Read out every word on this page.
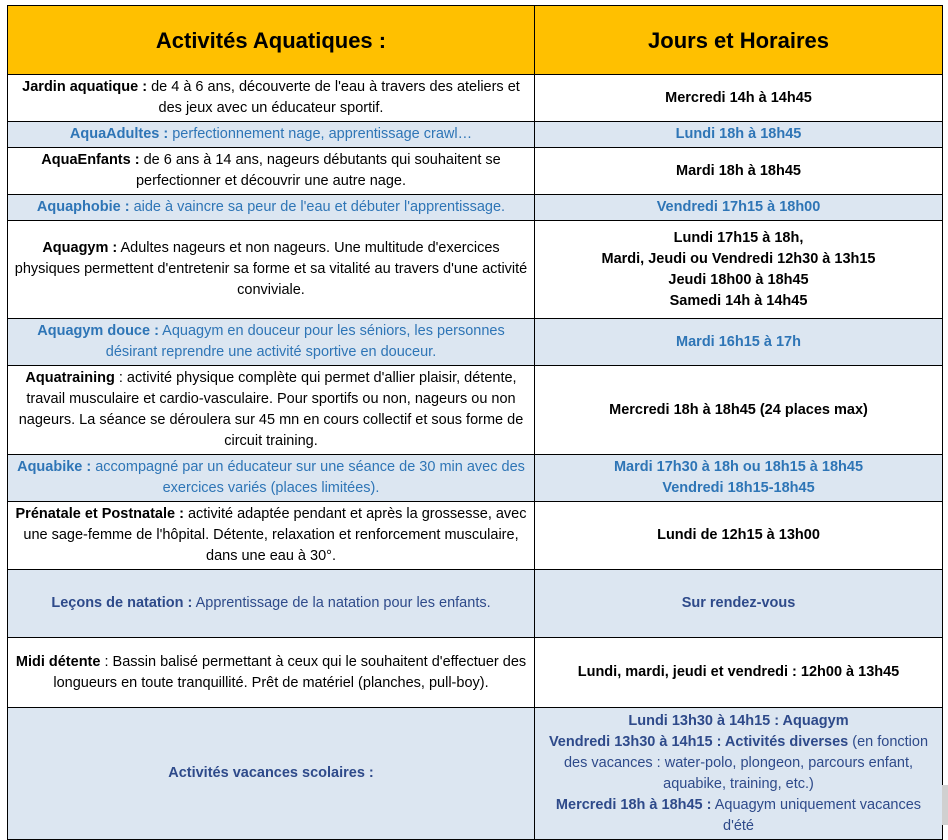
Activités Aquatiques :	Jours et Horaires
Jardin aquatique : de 4 à 6 ans, découverte de l'eau à travers des ateliers et des jeux avec un éducateur sportif.	Mercredi 14h à 14h45

AquaAdultes : perfectionnement nage, apprentissage crawl…	Lundi 18h à 18h45

AquaEnfants : de 6 ans à 14 ans, nageurs débutants qui souhaitent se perfectionner et découvrir une autre nage.	Mardi 18h à 18h45

Aquaphobie : aide à vaincre sa peur de l'eau et débuter l'apprentissage.	Vendredi 17h15 à 18h00

Aquagym : Adultes nageurs et non nageurs. Une multitude d'exercices physiques permettent d'entretenir sa forme et sa vitalité au travers d'une activité conviviale.	Lundi 17h15 à 18h,
Mardi, Jeudi ou Vendredi 12h30 à 13h15
Jeudi 18h00 à 18h45
Samedi 14h à 14h45

Aquagym douce : Aquagym en douceur pour les séniors, les personnes désirant reprendre une activité sportive en douceur.	Mardi 16h15 à 17h

Aquatraining : activité physique complète qui permet d'allier plaisir, détente, travail musculaire et cardio-vasculaire. Pour sportifs ou non, nageurs ou non nageurs. La séance se déroulera sur 45 mn en cours collectif et sous forme de circuit training.	Mercredi 18h à 18h45 (24 places max)

Aquabike : accompagné par un éducateur sur une séance de 30 min avec des exercices variés (places limitées).	Mardi 17h30 à 18h ou 18h15 à 18h45
Vendredi 18h15-18h45

Prénatale et Postnatale : activité adaptée pendant et après la grossesse, avec une sage-femme de l'hôpital. Détente, relaxation et renforcement musculaire, dans une eau à 30°.	Lundi de 12h15 à 13h00

Leçons de natation : Apprentissage de la natation pour les enfants.	Sur rendez-vous

Midi détente : Bassin balisé permettant à ceux qui le souhaitent d'effectuer des longueurs en toute tranquillité. Prêt de matériel (planches, pull-boy).	Lundi, mardi, jeudi et vendredi : 12h00 à 13h45

Activités vacances scolaires :	Lundi 13h30 à 14h15 : Aquagym
Vendredi 13h30 à 14h15 : Activités diverses (en fonction des vacances : water-polo, plongeon, parcours enfant, aquabike, training, etc.)
Mercredi 18h à 18h45 : Aquagym uniquement vacances d'été
